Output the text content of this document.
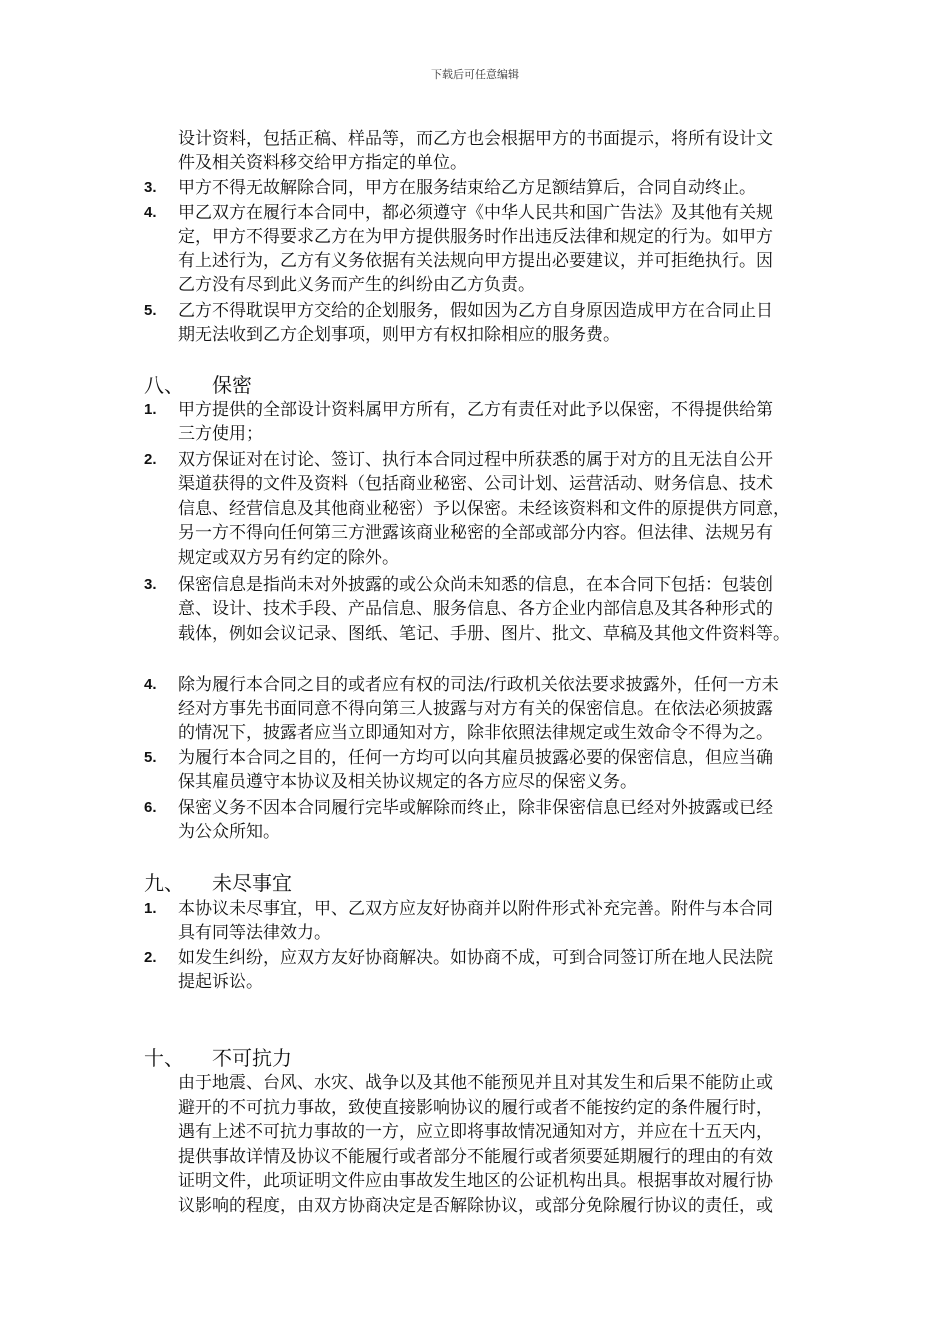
下载后可任意编辑
设计资料，包括正稿、样品等，而乙方也会根据甲方的书面提示，将所有设计文
件及相关资料移交给甲方指定的单位。
3.	甲方不得无故解除合同，甲方在服务结束给乙方足额结算后，合同自动终止。
4.	甲乙双方在履行本合同中，都必须遵守《中华人民共和国广告法》及其他有关规
定，甲方不得要求乙方在为甲方提供服务时作出违反法律和规定的行为。如甲方
有上述行为，乙方有义务依据有关法规向甲方提出必要建议，并可拒绝执行。因
乙方没有尽到此义务而产生的纠纷由乙方负责。
5.	乙方不得耽误甲方交给的企划服务，假如因为乙方自身原因造成甲方在合同止日
期无法收到乙方企划事项，则甲方有权扣除相应的服务费。
八、 保密
1.	甲方提供的全部设计资料属甲方所有，乙方有责任对此予以保密，不得提供给第
三方使用；
2.	双方保证对在讨论、签订、执行本合同过程中所获悉的属于对方的且无法自公开
渠道获得的文件及资料（包括商业秘密、公司计划、运营活动、财务信息、技术
信息、经营信息及其他商业秘密）予以保密。未经该资料和文件的原提供方同意，
另一方不得向任何第三方泄露该商业秘密的全部或部分内容。但法律、法规另有
规定或双方另有约定的除外。
3.	保密信息是指尚未对外披露的或公众尚未知悉的信息，在本合同下包括：包装创
意、设计、技术手段、产品信息、服务信息、各方企业内部信息及其各种形式的
载体，例如会议记录、图纸、笔记、手册、图片、批文、草稿及其他文件资料等。
4.	除为履行本合同之目的或者应有权的司法/行政机关依法要求披露外，任何一方未
经对方事先书面同意不得向第三人披露与对方有关的保密信息。在依法必须披露
的情况下，披露者应当立即通知对方，除非依照法律规定或生效命令不得为之。
5.	为履行本合同之目的，任何一方均可以向其雇员披露必要的保密信息，但应当确
保其雇员遵守本协议及相关协议规定的各方应尽的保密义务。
6.	保密义务不因本合同履行完毕或解除而终止，除非保密信息已经对外披露或已经
为公众所知。
九、 未尽事宜
1.	本协议未尽事宜，甲、乙双方应友好协商并以附件形式补充完善。附件与本合同
具有同等法律效力。
2.	如发生纠纷，应双方友好协商解决。如协商不成，可到合同签订所在地人民法院
提起诉讼。
十、 不可抗力
由于地震、台风、水灾、战争以及其他不能预见并且对其发生和后果不能防止或
避开的不可抗力事故，致使直接影响协议的履行或者不能按约定的条件履行时，
遇有上述不可抗力事故的一方，应立即将事故情况通知对方，并应在十五天内，
提供事故详情及协议不能履行或者部分不能履行或者须要延期履行的理由的有效
证明文件，此项证明文件应由事故发生地区的公证机构出具。根据事故对履行协
议影响的程度，由双方协商决定是否解除协议，或部分免除履行协议的责任，或
